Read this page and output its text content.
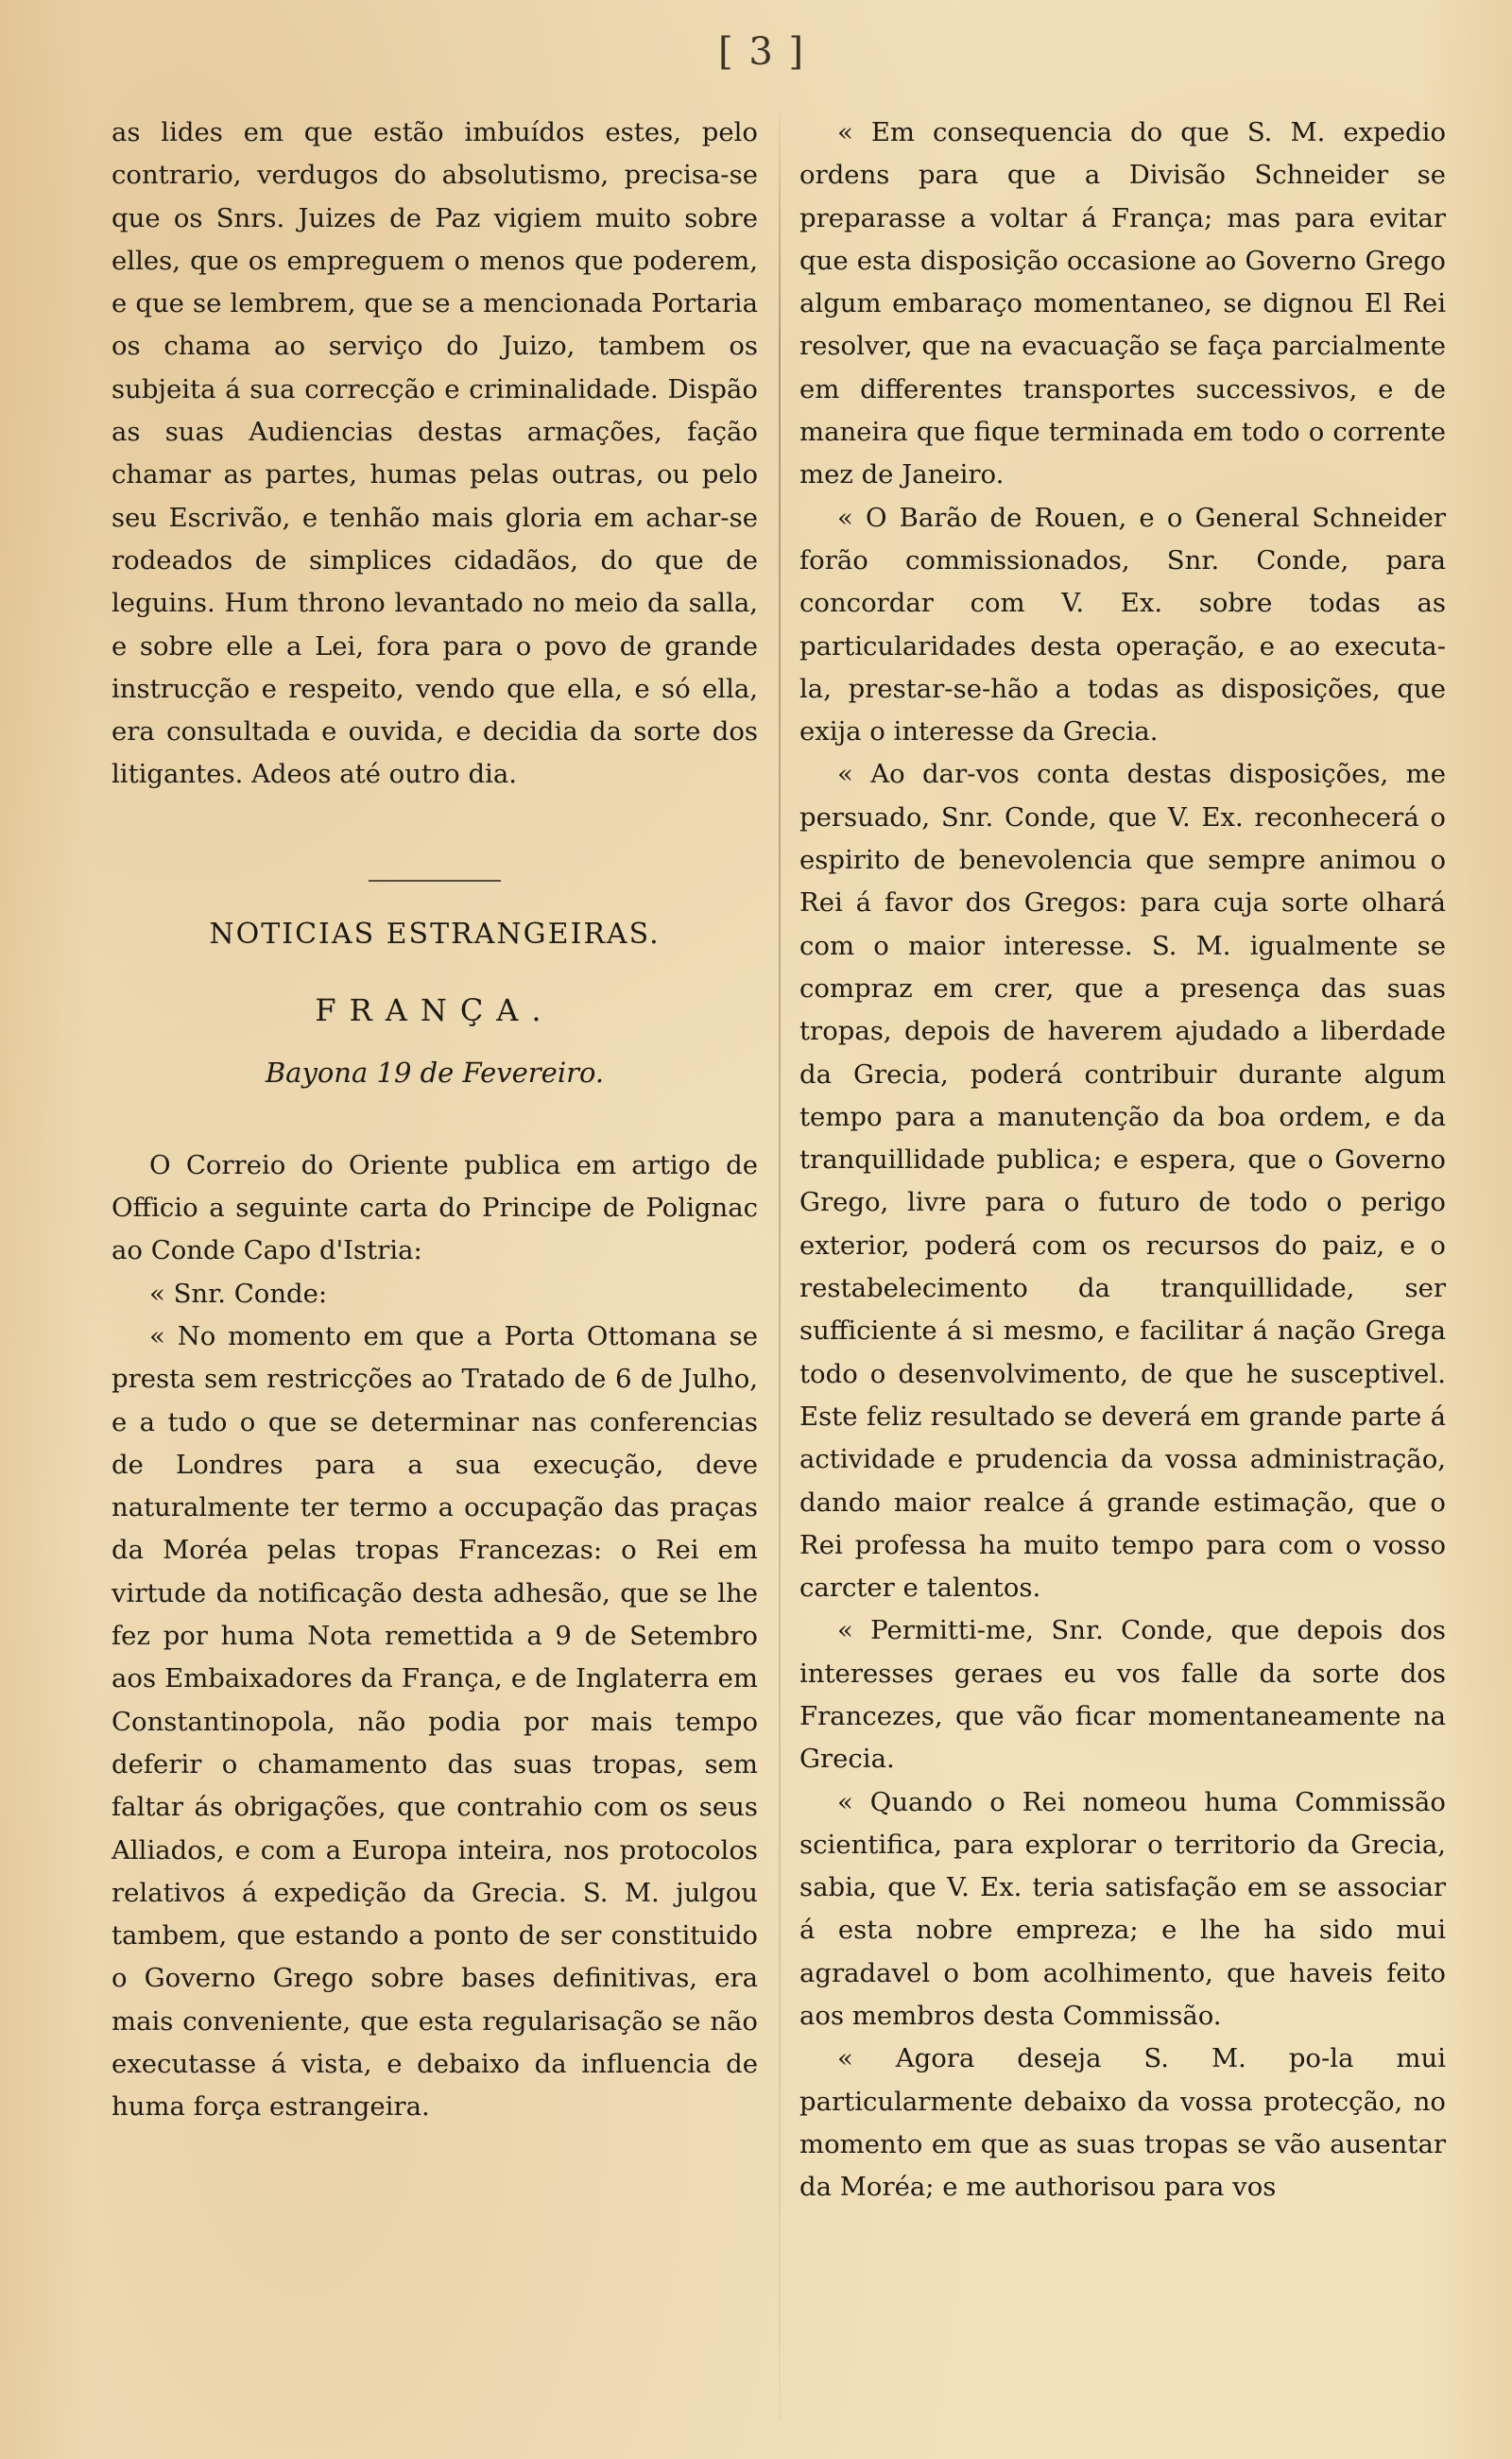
[ 3 ]

as lides em que estão imbuídos estes, pelo contrario, verdugos do absolutismo, precisa-se que os Snrs. Juizes de Paz vigiem muito sobre elles, que os empreguem o menos que poderem, e que se lembrem, que se a mencionada Portaria os chama ao serviço do Juizo, tambem os subjeita á sua correcção e criminalidade. Dispão as suas Audiencias destas armações, fação chamar as partes, humas pelas outras, ou pelo seu Escrivão, e tenhão mais gloria em achar-se rodeados de simplices cidadãos, do que de leguins. Hum throno levantado no meio da salla, e sobre elle a Lei, fora para o povo de grande instrucção e respeito, vendo que ella, e só ella, era consultada e ouvida, e decidia da sorte dos litigantes. Adeos até outro dia.

NOTICIAS ESTRANGEIRAS.
FRANÇA.
Bayona 19 de Fevereiro.

O Correio do Oriente publica em artigo de Officio a seguinte carta do Principe de Polignac ao Conde Capo d'Istria:

« Snr. Conde:

« No momento em que a Porta Ottomana se presta sem restricções ao Tratado de 6 de Julho, e a tudo o que se determinar nas conferencias de Londres para a sua execução, deve naturalmente ter termo a occupação das praças da Moréa pelas tropas Francezas: o Rei em virtude da notificação desta adhesão, que se lhe fez por huma Nota remettida a 9 de Setembro aos Embaixadores da França, e de Inglaterra em Constantinopola, não podia por mais tempo deferir o chamamento das suas tropas, sem faltar ás obrigações, que contrahio com os seus Alliados, e com a Europa inteira, nos protocolos relativos á expedição da Grecia. S. M. julgou tambem, que estando a ponto de ser constituido o Governo Grego sobre bases definitivas, era mais conveniente, que esta regularisação se não executasse á vista, e debaixo da influencia de huma força estrangeira.

« Em consequencia do que S. M. expedio ordens para que a Divisão Schneider se preparasse a voltar á França; mas para evitar que esta disposição occasione ao Governo Grego algum embaraço momentaneo, se dignou El Rei resolver, que na evacuação se faça parcialmente em differentes transportes successivos, e de maneira que fique terminada em todo o corrente mez de Janeiro.

« O Barão de Rouen, e o General Schneider forão commissionados, Snr. Conde, para concordar com V. Ex. sobre todas as particularidades desta operação, e ao executa-la, prestar-se-hão a todas as disposições, que exija o interesse da Grecia.

« Ao dar-vos conta destas disposições, me persuado, Snr. Conde, que V. Ex. reconhecerá o espirito de benevolencia que sempre animou o Rei á favor dos Gregos: para cuja sorte olhará com o maior interesse. S. M. igualmente se compraz em crer, que a presença das suas tropas, depois de haverem ajudado a liberdade da Grecia, poderá contribuir durante algum tempo para a manutenção da boa ordem, e da tranquillidade publica; e espera, que o Governo Grego, livre para o futuro de todo o perigo exterior, poderá com os recursos do paiz, e o restabelecimento da tranquillidade, ser sufficiente á si mesmo, e facilitar á nação Grega todo o desenvolvimento, de que he susceptivel. Este feliz resultado se deverá em grande parte á actividade e prudencia da vossa administração, dando maior realce á grande estimação, que o Rei professa ha muito tempo para com o vosso carcter e talentos.

« Permitti-me, Snr. Conde, que depois dos interesses geraes eu vos falle da sorte dos Francezes, que vão ficar momentaneamente na Grecia.

« Quando o Rei nomeou huma Commissão scientifica, para explorar o territorio da Grecia, sabia, que V. Ex. teria satisfação em se associar á esta nobre empreza; e lhe ha sido mui agradavel o bom acolhimento, que haveis feito aos membros desta Commissão.

« Agora deseja S. M. po-la mui particularmente debaixo da vossa protecção, no momento em que as suas tropas se vão ausentar da Moréa; e me authorisou para vos
